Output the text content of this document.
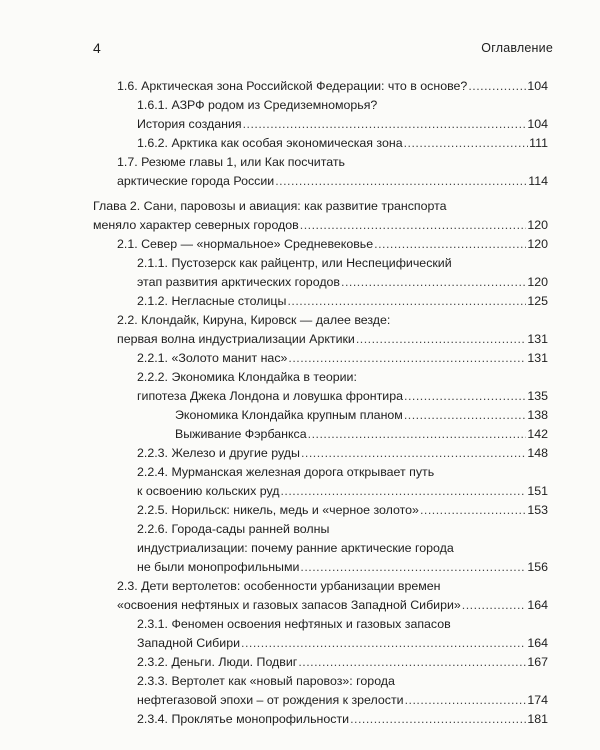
4	Оглавление
1.6. Арктическая зона Российской Федерации: что в основе? .....	104
1.6.1. АЗРФ родом из Средиземноморья?
История создания .....	104
1.6.2. Арктика как особая экономическая зона .....	111
1.7. Резюме главы 1, или Как посчитать
арктические города России .....	114
Глава 2. Сани, паровозы и авиация: как развитие транспорта
меняло характер северных городов .....	120
2.1. Север — «нормальное» Средневековье .....	120
2.1.1. Пустозерск как райцентр, или Неспецифический
этап развития арктических городов .....	120
2.1.2. Негласные столицы .....	125
2.2. Клондайк, Кируна, Кировск — далее везде:
первая волна индустриализации Арктики .....	131
2.2.1. «Золото манит нас» .....	131
2.2.2. Экономика Клондайка в теории:
гипотеза Джека Лондона и ловушка фронтира .....	135
Экономика Клондайка крупным планом .....	138
Выживание Фэрбанкса .....	142
2.2.3. Железо и другие руды .....	148
2.2.4. Мурманская железная дорога открывает путь
к освоению кольских руд .....	151
2.2.5. Норильск: никель, медь и «черное золото» .....	153
2.2.6. Города-сады ранней волны
индустриализации: почему ранние арктические города
не были монопрофильными .....	156
2.3. Дети вертолетов: особенности урбанизации времен
«освоения нефтяных и газовых запасов Западной Сибири» .....	164
2.3.1. Феномен освоения нефтяных и газовых запасов
Западной Сибири .....	164
2.3.2. Деньги. Люди. Подвиг .....	167
2.3.3. Вертолет как «новый паровоз»: города
нефтегазовой эпохи – от рождения к зрелости .....	174
2.3.4. Проклятье монопрофильности .....	181
